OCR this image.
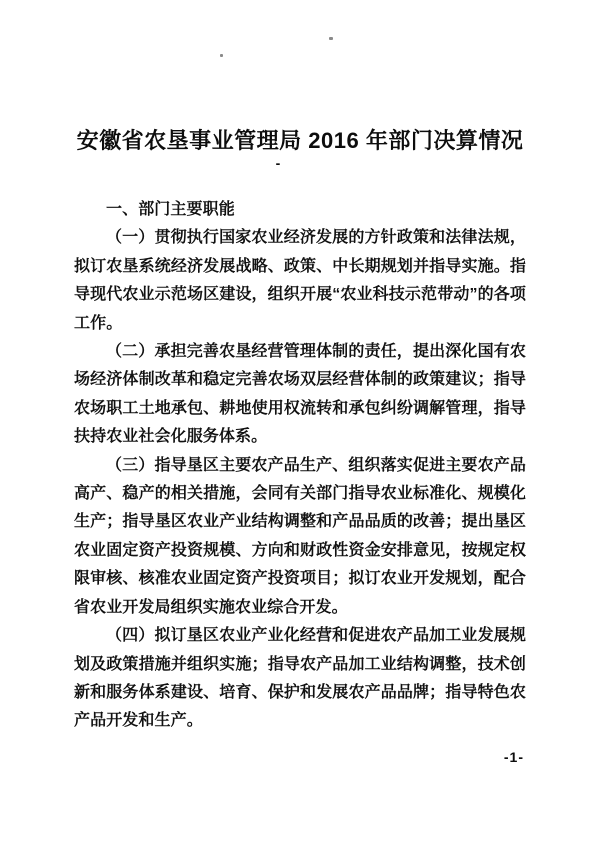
安徽省农垦事业管理局 2016 年部门决算情况
-

一、部门主要职能

（一）贯彻执行国家农业经济发展的方针政策和法律法规，拟订农垦系统经济发展战略、政策、中长期规划并指导实施。指导现代农业示范场区建设，组织开展“农业科技示范带动”的各项工作。

（二）承担完善农垦经营管理体制的责任，提出深化国有农场经济体制改革和稳定完善农场双层经营体制的政策建议；指导农场职工土地承包、耕地使用权流转和承包纠纷调解管理，指导扶持农业社会化服务体系。

（三）指导垦区主要农产品生产、组织落实促进主要农产品高产、稳产的相关措施，会同有关部门指导农业标准化、规模化生产；指导垦区农业产业结构调整和产品品质的改善；提出垦区农业固定资产投资规模、方向和财政性资金安排意见，按规定权限审核、核准农业固定资产投资项目；拟订农业开发规划，配合省农业开发局组织实施农业综合开发。

（四）拟订垦区农业产业化经营和促进农产品加工业发展规划及政策措施并组织实施；指导农产品加工业结构调整，技术创新和服务体系建设、培育、保护和发展农产品品牌；指导特色农产品开发和生产。

-1-
